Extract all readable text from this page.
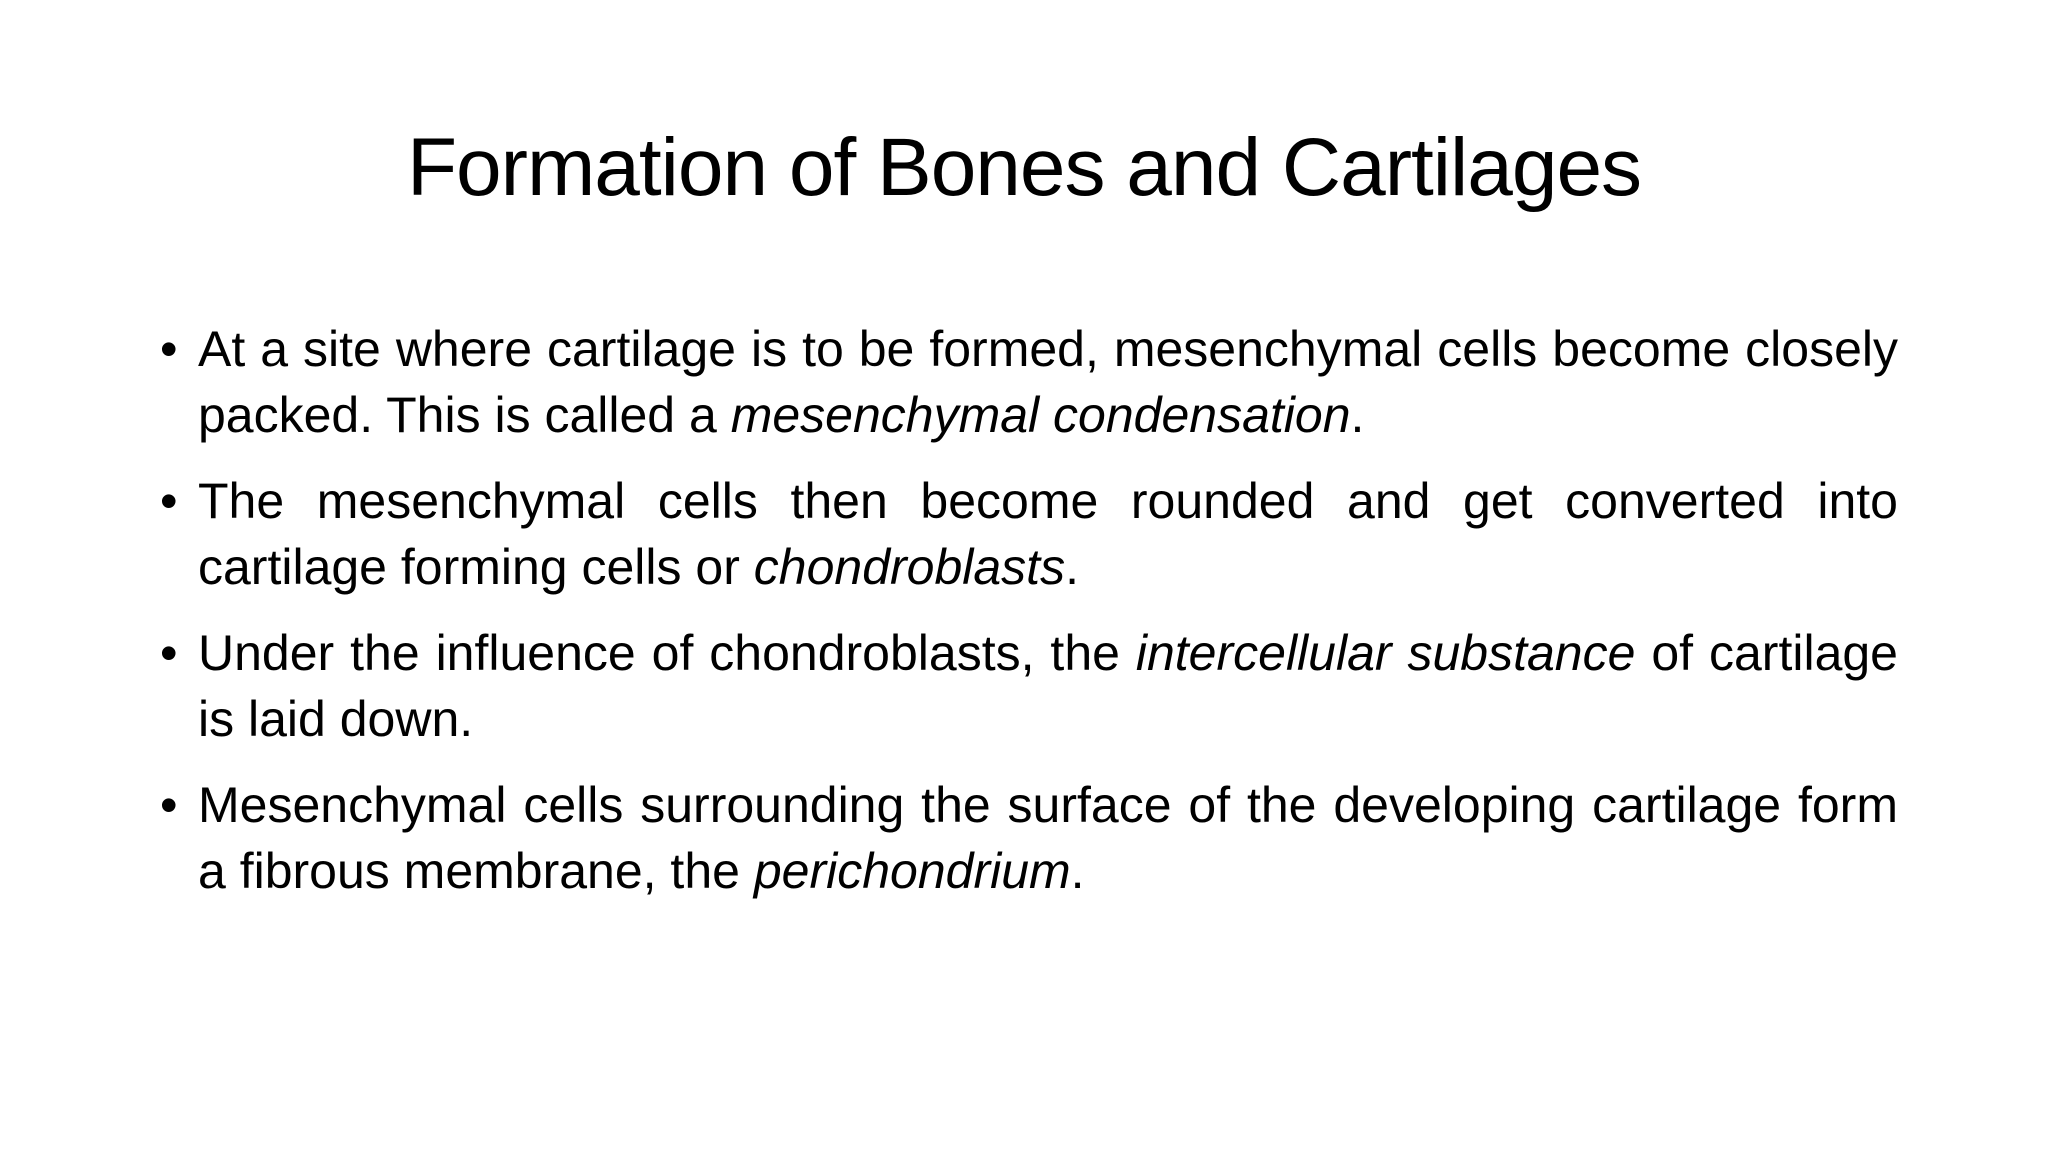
Formation of Bones and Cartilages
• At a site where cartilage is to be formed, mesenchymal cells become closely packed. This is called a mesenchymal condensation.
• The mesenchymal cells then become rounded and get converted into cartilage forming cells or chondroblasts.
• Under the influence of chondroblasts, the intercellular substance of cartilage is laid down.
• Mesenchymal cells surrounding the surface of the developing cartilage form a fibrous membrane, the perichondrium.
